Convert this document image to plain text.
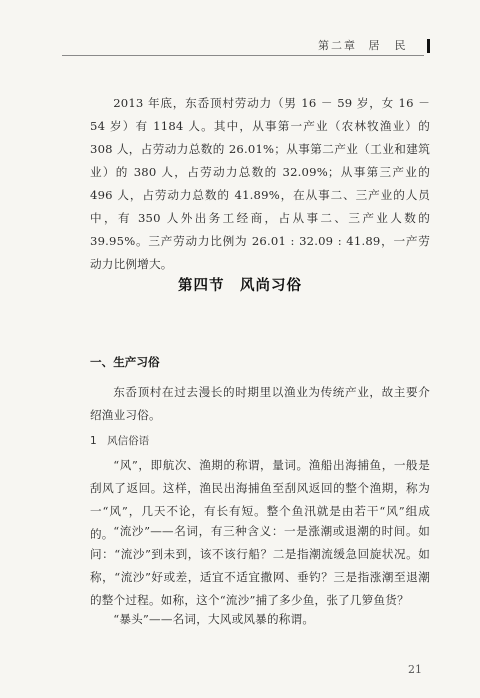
第二章 居　民
2013 年底，东岙顶村劳动力（男 16 － 59 岁，女 16 － 54 岁）有 1184 人。其中，从事第一产业（农林牧渔业）的 308 人，占劳动力总数的 26.01%；从事第二产业（工业和建筑业）的 380 人，占劳动力总数的 32.09%；从事第三产业的 496 人，占劳动力总数的 41.89%，在从事二、三产业的人员中，有 350 人外出务工经商，占从事二、三产业人数的 39.95%。三产劳动力比例为 26.01 : 32.09 : 41.89，一产劳动力比例增大。
第四节　风尚习俗
一、生产习俗
东岙顶村在过去漫长的时期里以渔业为传统产业，故主要介绍渔业习俗。
1　风信俗语
“风”，即航次、渔期的称谓，量词。渔船出海捕鱼，一般是刮风了返回。这样，渔民出海捕鱼至刮风返回的整个渔期，称为一“风”，几天不论，有长有短。整个鱼汛就是由若干“风”组成的。 “流沙”——名词，有三种含义：一是涨潮或退潮的时间。如问：“流沙”到未到，该不该行船？二是指潮流缓急回旋状况。如称，“流沙”好或差，适宜不适宜撒网、垂钓？三是指涨潮至退潮的整个过程。如称，这个“流沙”捕了多少鱼，张了几箩鱼货？
“暴头”——名词，大风或风暴的称谓。
21
